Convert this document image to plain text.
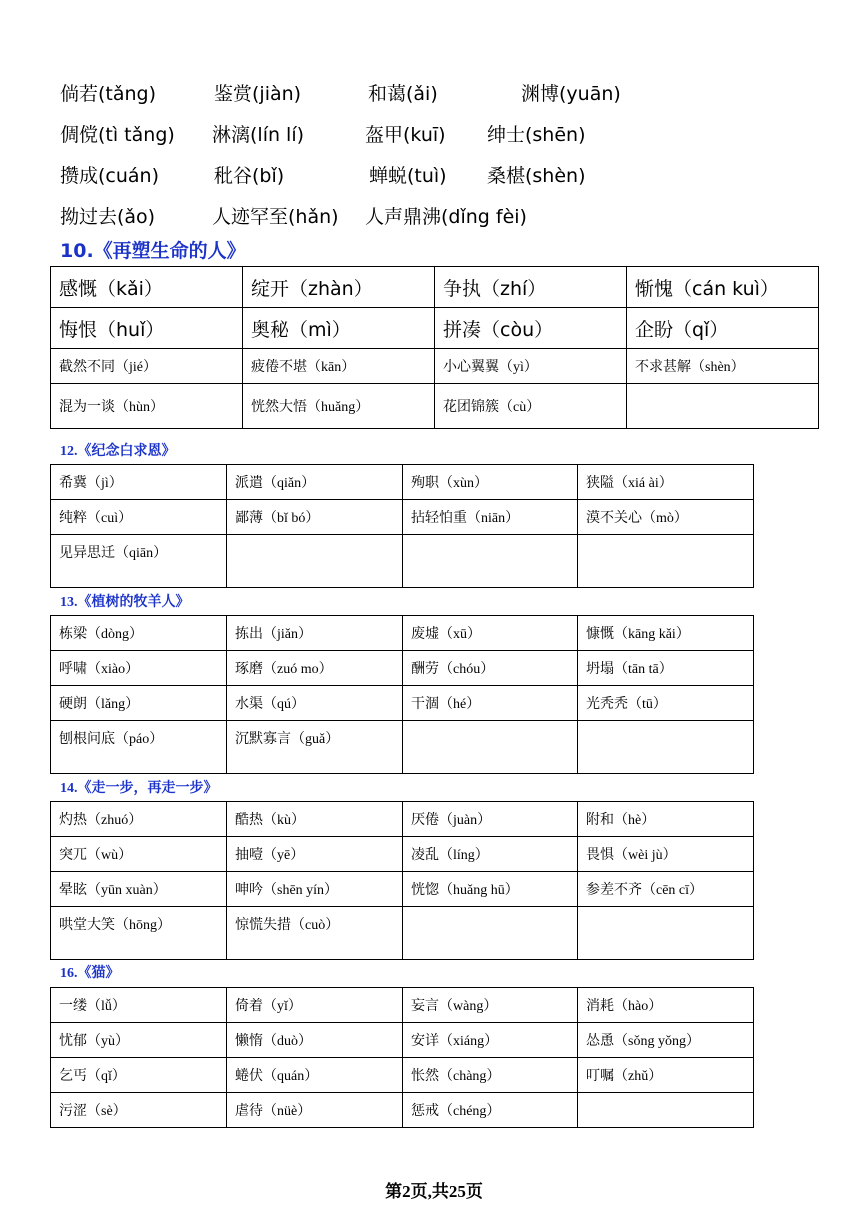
倘若(tǎng)	鉴赏(jiàn)	和蔼(ǎi)	渊博(yuān)
倜傥(tì tǎng)	淋漓(lín lí)	盔甲(kuī)	绅士(shēn)
攒成(cuán)	秕谷(bǐ)	蝉蜕(tuì)	桑椹(shèn)
拗过去(ǎo)	人迹罕至(hǎn)	人声鼎沸(dǐng fèi)
10.《再塑生命的人》
感慨（kǎi）	绽开（zhàn）	争执（zhí）	惭愧（cán kuì）
悔恨（huǐ）	奥秘（mì）	拼凑（còu）	企盼（qǐ）
截然不同（jié）	疲倦不堪（kān）	小心翼翼（yì）	不求甚解（shèn）
混为一谈（hùn）	恍然大悟（huǎng）	花团锦簇（cù）	
12.《纪念白求恩》
希冀（jì）	派遣（qiǎn）	殉职（xùn）	狭隘（xiá ài）
纯粹（cuì）	鄙薄（bǐ bó）	拈轻怕重（niān）	漠不关心（mò）
见异思迁（qiān）			
13.《植树的牧羊人》
栋梁（dòng）	拣出（jiǎn）	废墟（xū）	慷慨（kāng kǎi）
呼啸（xiào）	琢磨（zuó mo）	酬劳（chóu）	坍塌（tān tā）
硬朗（lǎng）	水渠（qú）	干涸（hé）	光秃秃（tū）
刨根问底（páo）	沉默寡言（guǎ）		
14.《走一步，再走一步》
灼热（zhuó）	酷热（kù）	厌倦（juàn）	附和（hè）
突兀（wù）	抽噎（yē）	凌乱（líng）	畏惧（wèi jù）
晕眩（yūn xuàn）	呻吟（shēn yín）	恍惚（huǎng hū）	参差不齐（cēn cī）
哄堂大笑（hōng）	惊慌失措（cuò）		
16.《猫》
一缕（lǚ）	倚着（yǐ）	妄言（wàng）	消耗（hào）
忧郁（yù）	懒惰（duò）	安详（xiáng）	怂恿（sǒng yǒng）
乞丐（qǐ）	蜷伏（quán）	怅然（chàng）	叮嘱（zhǔ）
污涩（sè）	虐待（nüè）	惩戒（chéng）	
第2页,共25页
